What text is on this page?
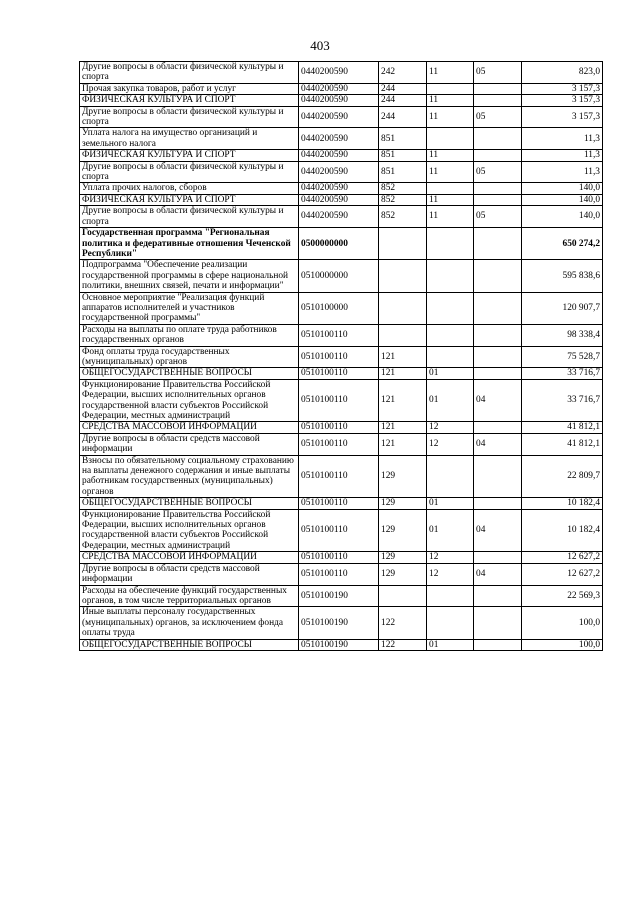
403
Другие вопросы в области физической культуры и спорта	0440200590	242	11	05	823,0
Прочая закупка товаров, работ и услуг	0440200590	244			3 157,3
ФИЗИЧЕСКАЯ КУЛЬТУРА И СПОРТ	0440200590	244	11		3 157,3
Другие вопросы в области физической культуры и спорта	0440200590	244	11	05	3 157,3
Уплата налога на имущество организаций и земельного налога	0440200590	851			11,3
ФИЗИЧЕСКАЯ КУЛЬТУРА И СПОРТ	0440200590	851	11		11,3
Другие вопросы в области физической культуры и спорта	0440200590	851	11	05	11,3
Уплата прочих налогов, сборов	0440200590	852			140,0
ФИЗИЧЕСКАЯ КУЛЬТУРА И СПОРТ	0440200590	852	11		140,0
Другие вопросы в области физической культуры и спорта	0440200590	852	11	05	140,0
Государственная программа "Региональная политика и федеративные отношения Чеченской Республики"	0500000000				650 274,2
Подпрограмма "Обеспечение реализации государственной программы в сфере национальной политики, внешних связей, печати и информации"	0510000000				595 838,6
Основное мероприятие "Реализация функций аппаратов исполнителей и участников государственной программы"	0510100000				120 907,7
Расходы на выплаты по оплате труда работников государственных органов	0510100110				98 338,4
Фонд оплаты труда государственных (муниципальных) органов	0510100110	121			75 528,7
ОБЩЕГОСУДАРСТВЕННЫЕ ВОПРОСЫ	0510100110	121	01		33 716,7
Функционирование Правительства Российской Федерации, высших исполнительных органов государственной власти субъектов Российской Федерации, местных администраций	0510100110	121	01	04	33 716,7
СРЕДСТВА МАССОВОЙ ИНФОРМАЦИИ	0510100110	121	12		41 812,1
Другие вопросы в области средств массовой информации	0510100110	121	12	04	41 812,1
Взносы по обязательному социальному страхованию на выплаты денежного содержания и иные выплаты работникам государственных (муниципальных) органов	0510100110	129			22 809,7
ОБЩЕГОСУДАРСТВЕННЫЕ ВОПРОСЫ	0510100110	129	01		10 182,4
Функционирование Правительства Российской Федерации, высших исполнительных органов государственной власти субъектов Российской Федерации, местных администраций	0510100110	129	01	04	10 182,4
СРЕДСТВА МАССОВОЙ ИНФОРМАЦИИ	0510100110	129	12		12 627,2
Другие вопросы в области средств массовой информации	0510100110	129	12	04	12 627,2
Расходы на обеспечение функций государственных органов, в том числе территориальных органов	0510100190				22 569,3
Иные выплаты персоналу государственных (муниципальных) органов, за исключением фонда оплаты труда	0510100190	122			100,0
ОБЩЕГОСУДАРСТВЕННЫЕ ВОПРОСЫ	0510100190	122	01		100,0
